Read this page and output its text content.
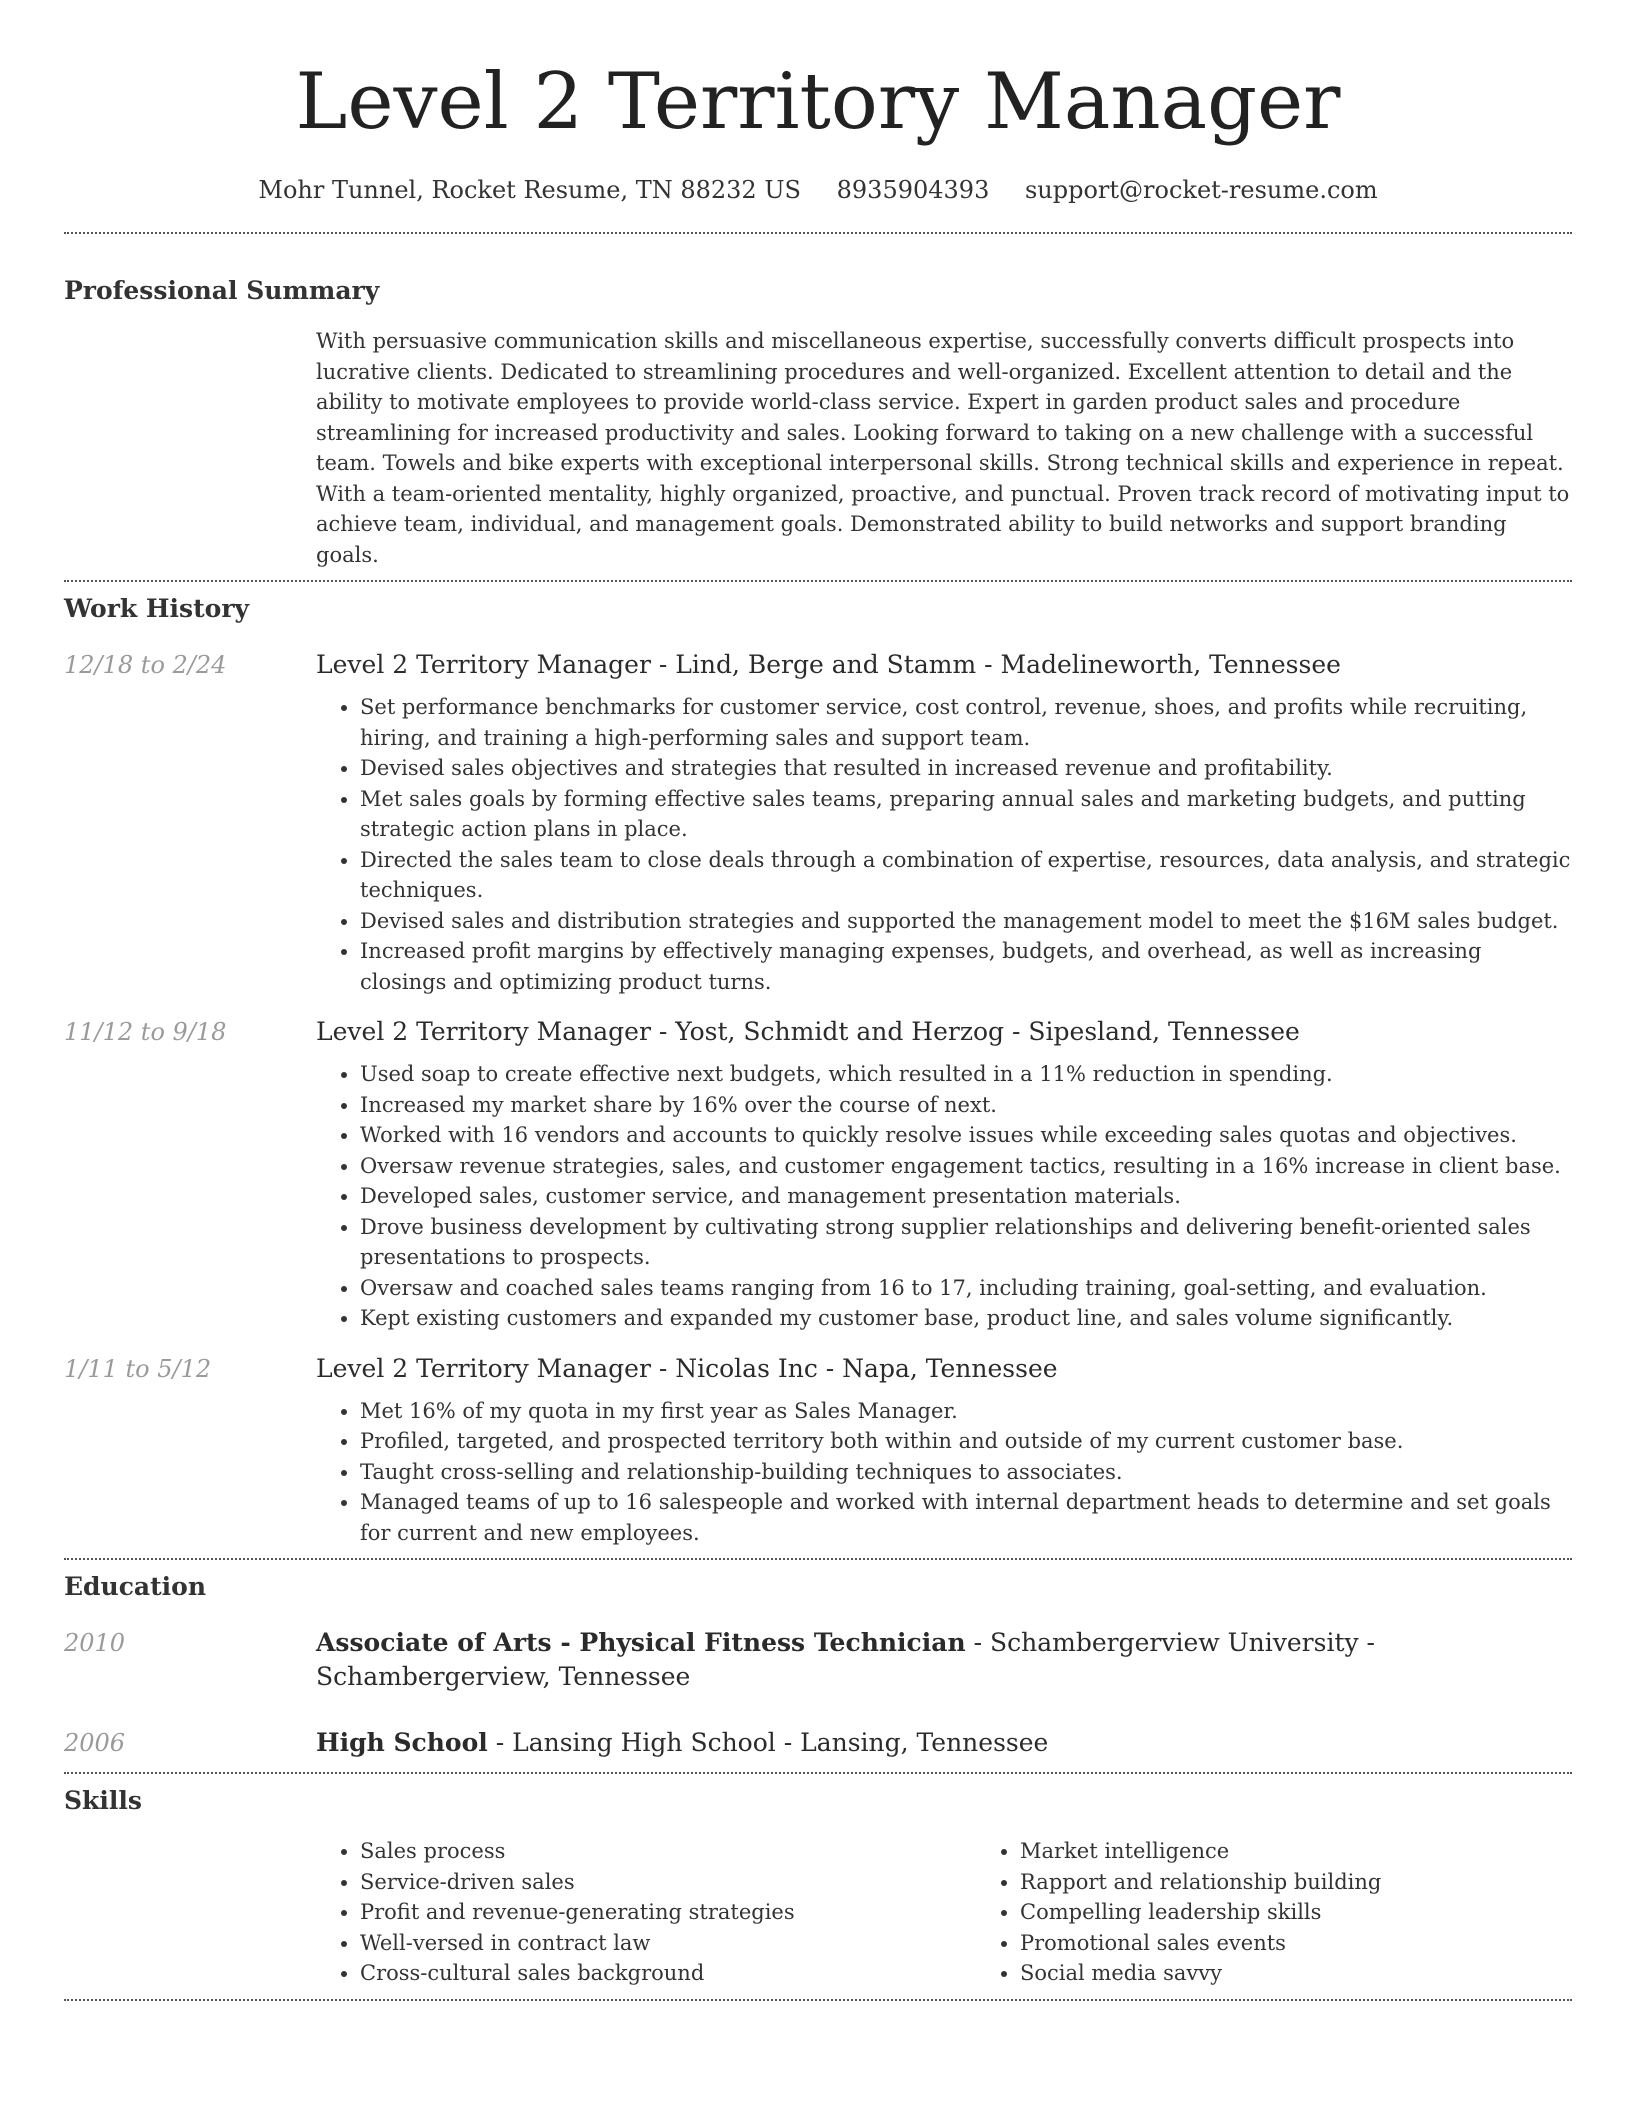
Level 2 Territory Manager
Mohr Tunnel, Rocket Resume, TN 88232 US 8935904393 support@rocket-resume.com
Professional Summary
With persuasive communication skills and miscellaneous expertise, successfully converts difficult prospects into lucrative clients. Dedicated to streamlining procedures and well-organized. Excellent attention to detail and the ability to motivate employees to provide world-class service. Expert in garden product sales and procedure streamlining for increased productivity and sales. Looking forward to taking on a new challenge with a successful team. Towels and bike experts with exceptional interpersonal skills. Strong technical skills and experience in repeat. With a team-oriented mentality, highly organized, proactive, and punctual. Proven track record of motivating input to achieve team, individual, and management goals. Demonstrated ability to build networks and support branding goals.
Work History
12/18 to 2/24	Level 2 Territory Manager - Lind, Berge and Stamm - Madelineworth, Tennessee
• Set performance benchmarks for customer service, cost control, revenue, shoes, and profits while recruiting, hiring, and training a high-performing sales and support team.
• Devised sales objectives and strategies that resulted in increased revenue and profitability.
• Met sales goals by forming effective sales teams, preparing annual sales and marketing budgets, and putting strategic action plans in place.
• Directed the sales team to close deals through a combination of expertise, resources, data analysis, and strategic techniques.
• Devised sales and distribution strategies and supported the management model to meet the $16M sales budget.
• Increased profit margins by effectively managing expenses, budgets, and overhead, as well as increasing closings and optimizing product turns.
11/12 to 9/18	Level 2 Territory Manager - Yost, Schmidt and Herzog - Sipesland, Tennessee
• Used soap to create effective next budgets, which resulted in a 11% reduction in spending.
• Increased my market share by 16% over the course of next.
• Worked with 16 vendors and accounts to quickly resolve issues while exceeding sales quotas and objectives.
• Oversaw revenue strategies, sales, and customer engagement tactics, resulting in a 16% increase in client base.
• Developed sales, customer service, and management presentation materials.
• Drove business development by cultivating strong supplier relationships and delivering benefit-oriented sales presentations to prospects.
• Oversaw and coached sales teams ranging from 16 to 17, including training, goal-setting, and evaluation.
• Kept existing customers and expanded my customer base, product line, and sales volume significantly.
1/11 to 5/12	Level 2 Territory Manager - Nicolas Inc - Napa, Tennessee
• Met 16% of my quota in my first year as Sales Manager.
• Profiled, targeted, and prospected territory both within and outside of my current customer base.
• Taught cross-selling and relationship-building techniques to associates.
• Managed teams of up to 16 salespeople and worked with internal department heads to determine and set goals for current and new employees.
Education
2010	Associate of Arts - Physical Fitness Technician - Schambergerview University - Schambergerview, Tennessee
2006	High School - Lansing High School - Lansing, Tennessee
Skills
• Sales process
• Service-driven sales
• Profit and revenue-generating strategies
• Well-versed in contract law
• Cross-cultural sales background
• Market intelligence
• Rapport and relationship building
• Compelling leadership skills
• Promotional sales events
• Social media savvy
